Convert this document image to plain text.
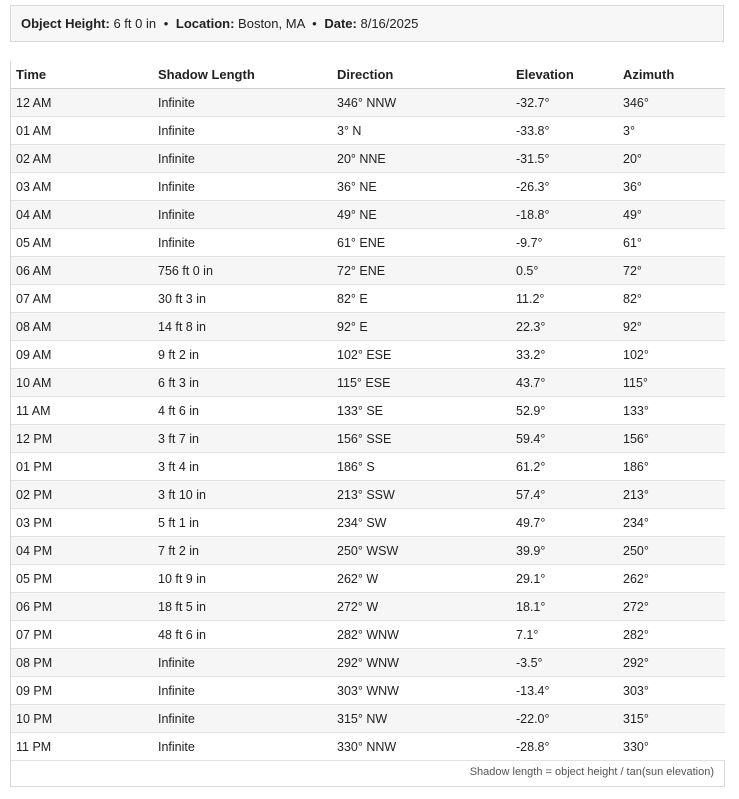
Object Height: 6 ft 0 in • Location: Boston, MA • Date: 8/16/2025
Time	Shadow Length	Direction	Elevation	Azimuth
12 AM	Infinite	346° NNW	-32.7°	346°
01 AM	Infinite	3° N	-33.8°	3°
02 AM	Infinite	20° NNE	-31.5°	20°
03 AM	Infinite	36° NE	-26.3°	36°
04 AM	Infinite	49° NE	-18.8°	49°
05 AM	Infinite	61° ENE	-9.7°	61°
06 AM	756 ft 0 in	72° ENE	0.5°	72°
07 AM	30 ft 3 in	82° E	11.2°	82°
08 AM	14 ft 8 in	92° E	22.3°	92°
09 AM	9 ft 2 in	102° ESE	33.2°	102°
10 AM	6 ft 3 in	115° ESE	43.7°	115°
11 AM	4 ft 6 in	133° SE	52.9°	133°
12 PM	3 ft 7 in	156° SSE	59.4°	156°
01 PM	3 ft 4 in	186° S	61.2°	186°
02 PM	3 ft 10 in	213° SSW	57.4°	213°
03 PM	5 ft 1 in	234° SW	49.7°	234°
04 PM	7 ft 2 in	250° WSW	39.9°	250°
05 PM	10 ft 9 in	262° W	29.1°	262°
06 PM	18 ft 5 in	272° W	18.1°	272°
07 PM	48 ft 6 in	282° WNW	7.1°	282°
08 PM	Infinite	292° WNW	-3.5°	292°
09 PM	Infinite	303° WNW	-13.4°	303°
10 PM	Infinite	315° NW	-22.0°	315°
11 PM	Infinite	330° NNW	-28.8°	330°
Shadow length = object height / tan(sun elevation)
